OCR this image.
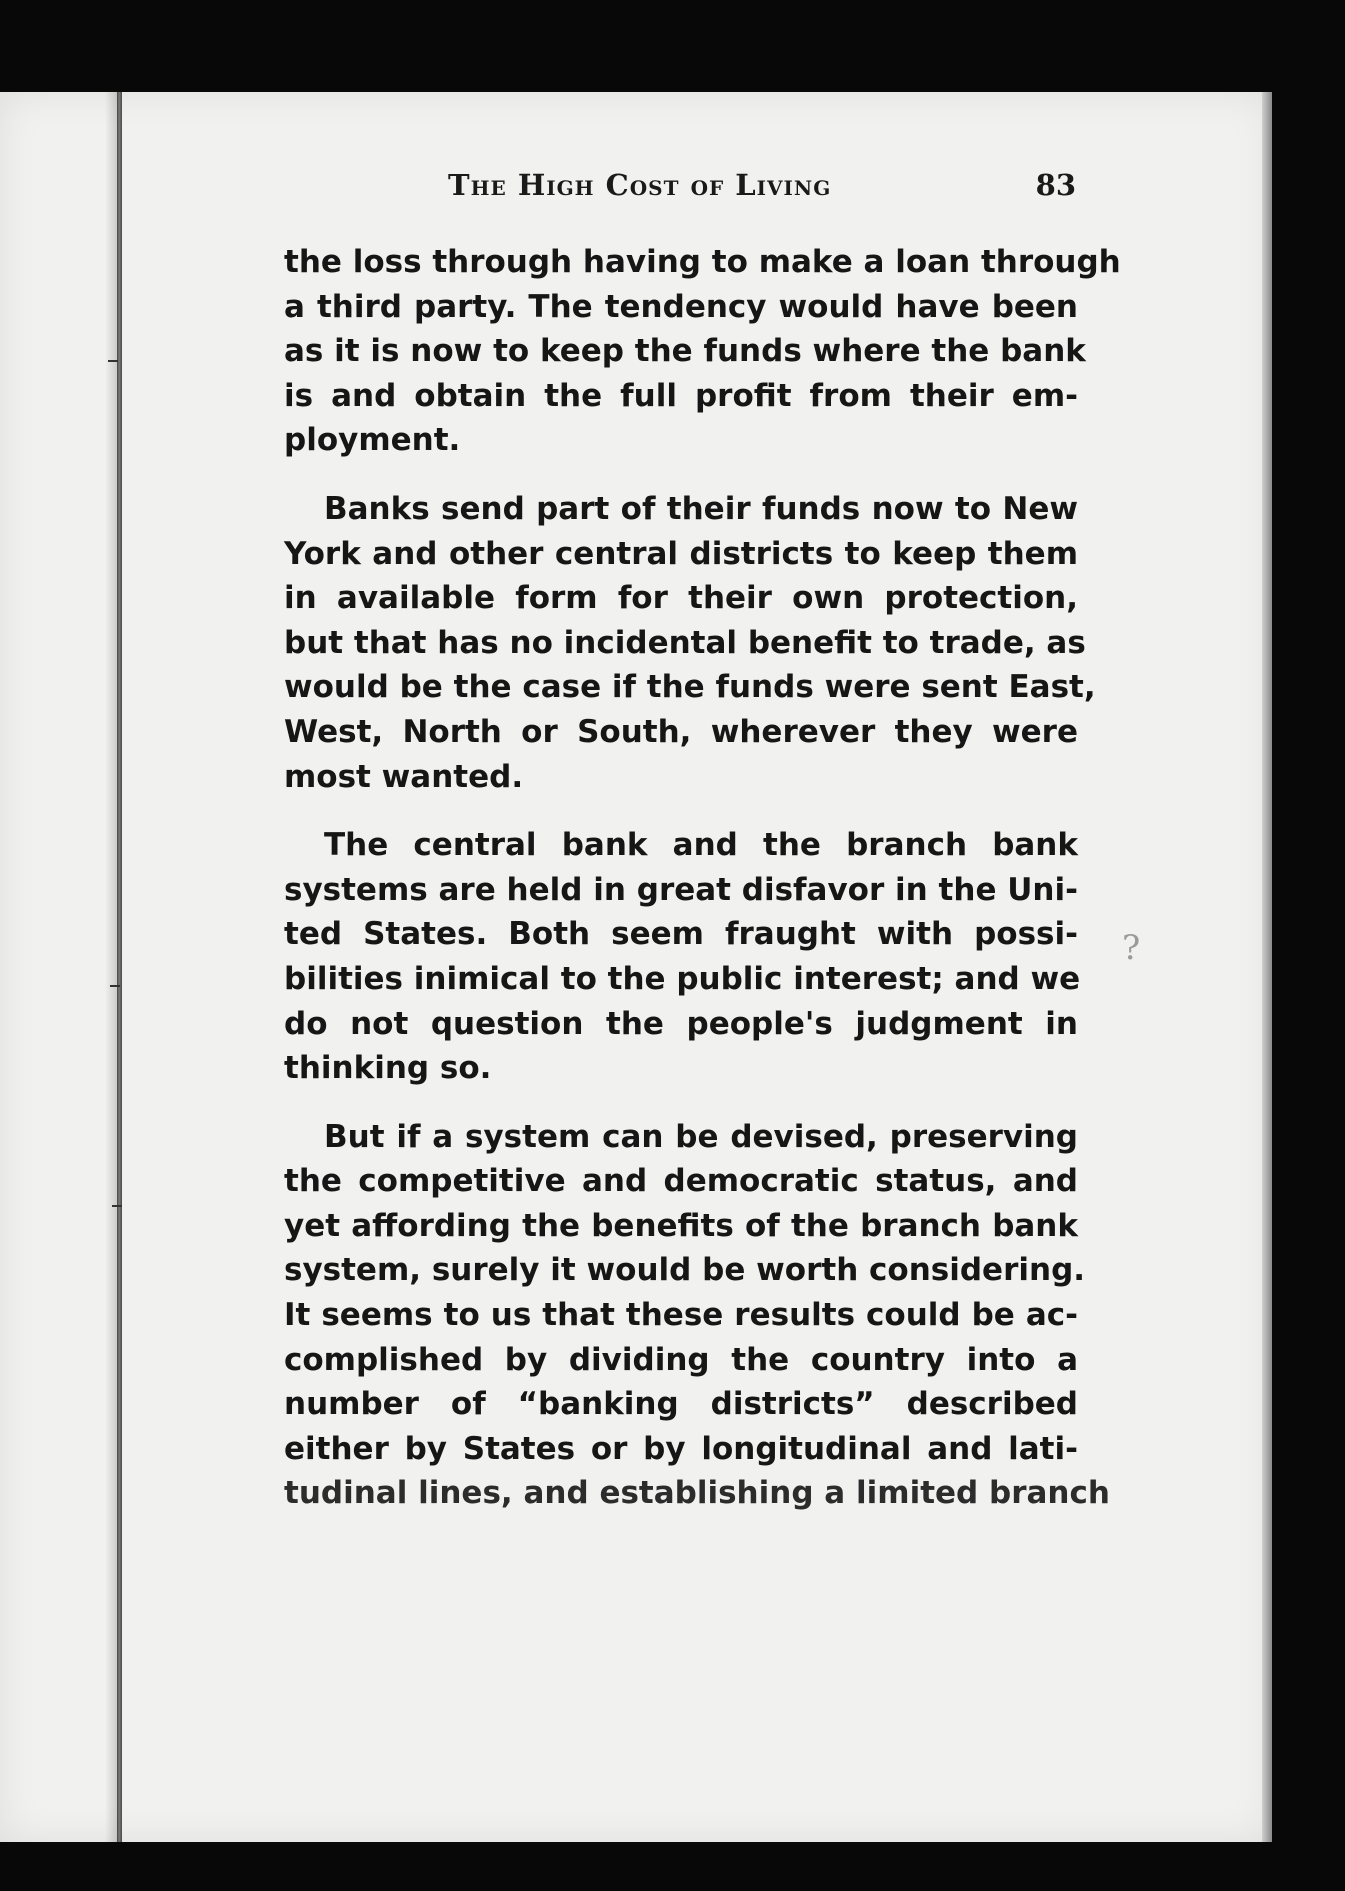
The High Cost of Living	83

the loss through having to make a loan through
a third party. The tendency would have been
as it is now to keep the funds where the bank
is and obtain the full profit from their em-
ployment.

Banks send part of their funds now to New
York and other central districts to keep them
in available form for their own protection,
but that has no incidental benefit to trade, as
would be the case if the funds were sent East,
West, North or South, wherever they were
most wanted.

The central bank and the branch bank
systems are held in great disfavor in the Uni-
ted States. Both seem fraught with possi-
bilities inimical to the public interest; and we
do not question the people's judgment in
thinking so.

But if a system can be devised, preserving
the competitive and democratic status, and
yet affording the benefits of the branch bank
system, surely it would be worth considering.
It seems to us that these results could be ac-
complished by dividing the country into a
number of “banking districts” described
either by States or by longitudinal and lati-
tudinal lines, and establishing a limited branch

?
